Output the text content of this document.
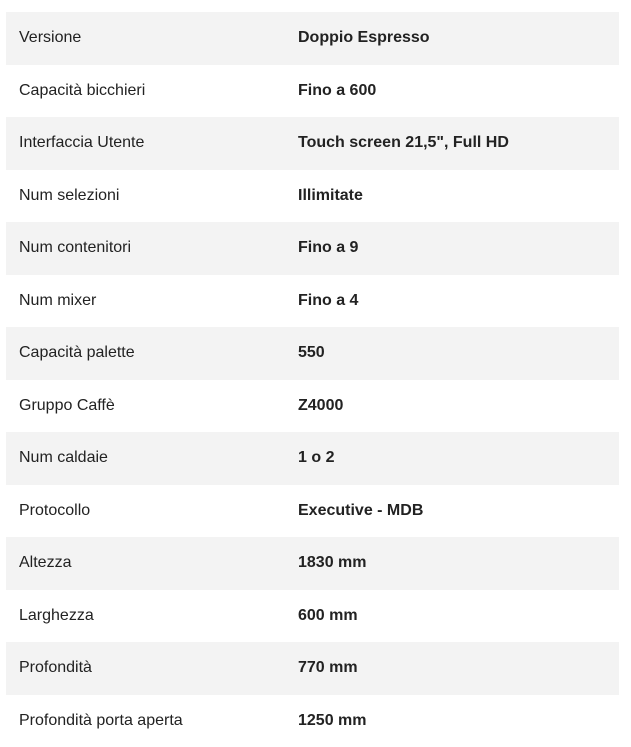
Versione	Doppio Espresso
Capacità bicchieri	Fino a 600
Interfaccia Utente	Touch screen 21,5", Full HD
Num selezioni	Illimitate
Num contenitori	Fino a 9
Num mixer	Fino a 4
Capacità palette	550
Gruppo Caffè	Z4000
Num caldaie	1 o 2
Protocollo	Executive - MDB
Altezza	1830 mm
Larghezza	600 mm
Profondità	770 mm
Profondità porta aperta	1250 mm
